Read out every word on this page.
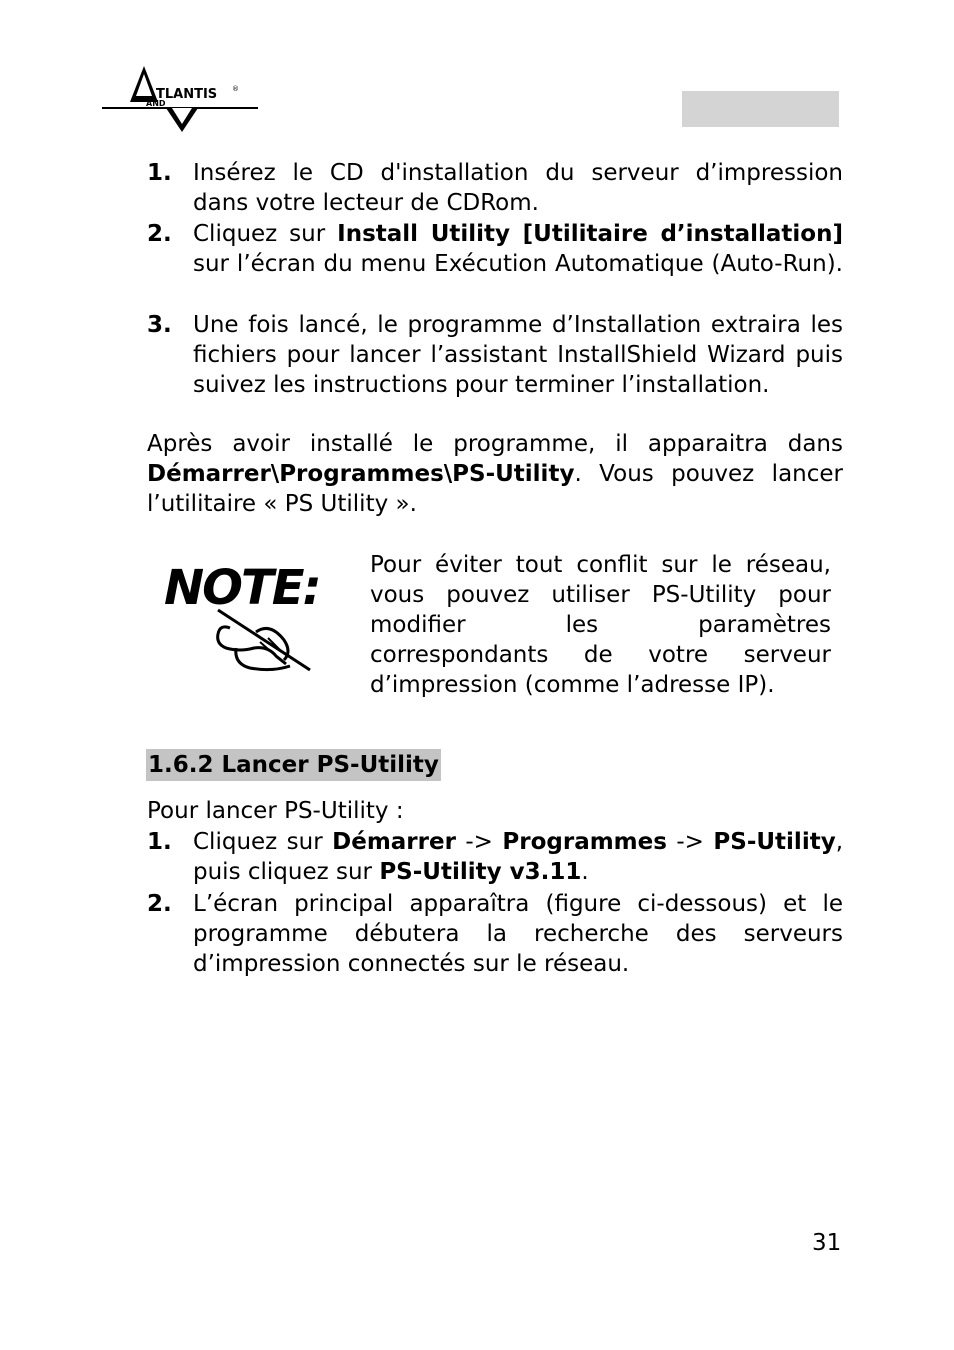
TLANTIS ®
AND
1. Insérez le CD d'installation du serveur d’impression dans votre lecteur de CDRom.
2. Cliquez sur Install Utility [Utilitaire d’installation] sur l’écran du menu Exécution Automatique (Auto-Run).
3. Une fois lancé, le programme d’Installation extraira les fichiers pour lancer l’assistant InstallShield Wizard puis suivez les instructions pour terminer l’installation.

Après avoir installé le programme, il apparaitra dans Démarrer\Programmes\PS-Utility. Vous pouvez lancer l’utilitaire « PS Utility ».

NOTE: Pour éviter tout conflit sur le réseau, vous pouvez utiliser PS-Utility pour modifier les paramètres correspondants de votre serveur d’impression (comme l’adresse IP).
1.6.2 Lancer PS-Utility

Pour lancer PS-Utility :

1. Cliquez sur Démarrer -> Programmes -> PS-Utility, puis cliquez sur PS-Utility v3.11.
2. L’écran principal apparaîtra (figure ci-dessous) et le programme débutera la recherche des serveurs d’impression connectés sur le réseau.
31
